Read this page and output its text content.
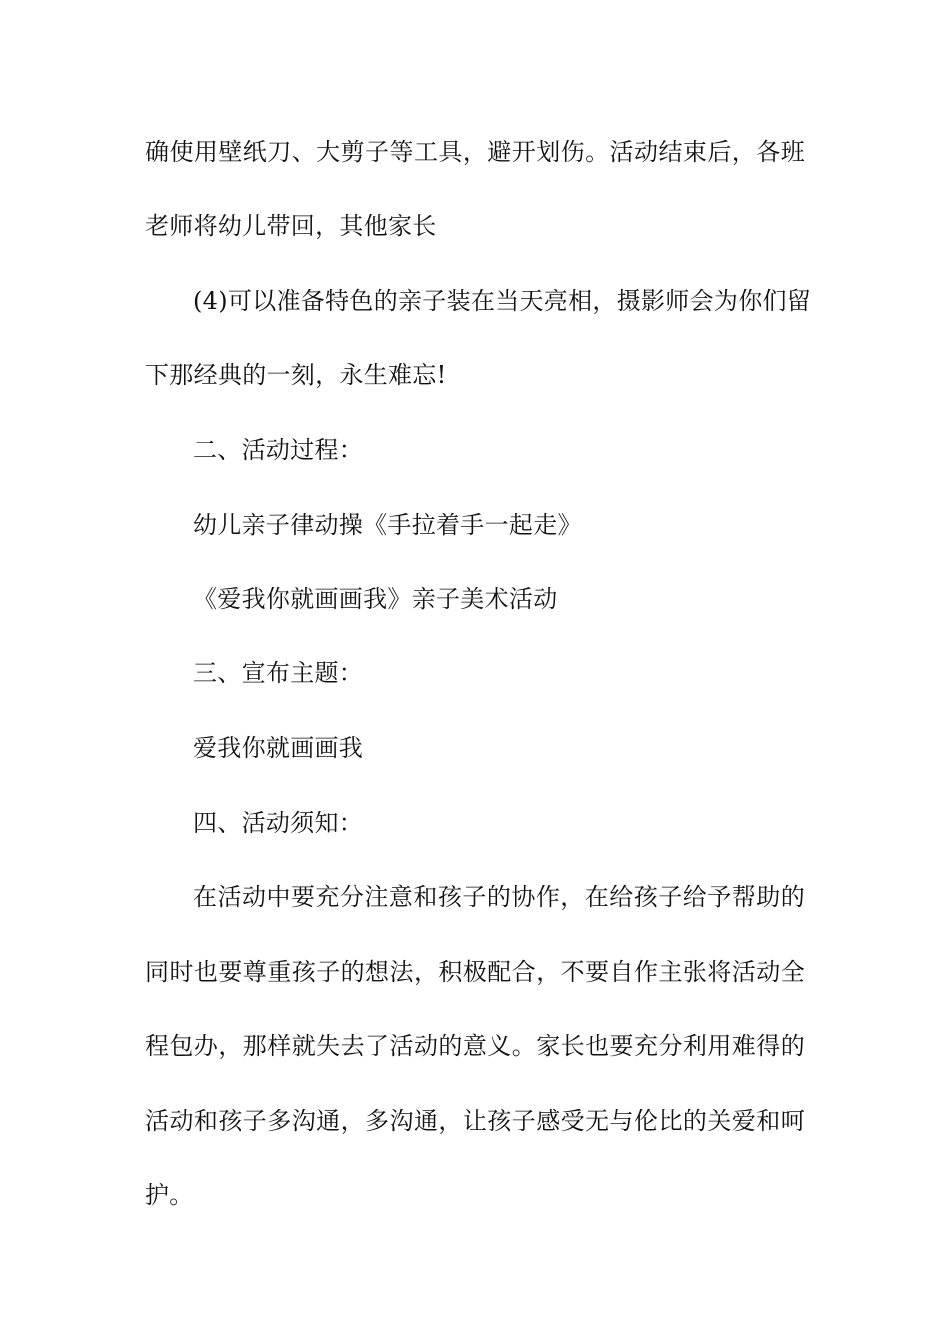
确使用壁纸刀、大剪子等工具，避开划伤。活动结束后，各班
老师将幼儿带回，其他家长
(4)可以准备特色的亲子装在当天亮相，摄影师会为你们留
下那经典的一刻，永生难忘!
二、活动过程：
幼儿亲子律动操《手拉着手一起走》
《爱我你就画画我》亲子美术活动
三、宣布主题：
爱我你就画画我
四、活动须知：
在活动中要充分注意和孩子的协作，在给孩子给予帮助的
同时也要尊重孩子的想法，积极配合，不要自作主张将活动全
程包办，那样就失去了活动的意义。家长也要充分利用难得的
活动和孩子多沟通，多沟通，让孩子感受无与伦比的关爱和呵
护。
